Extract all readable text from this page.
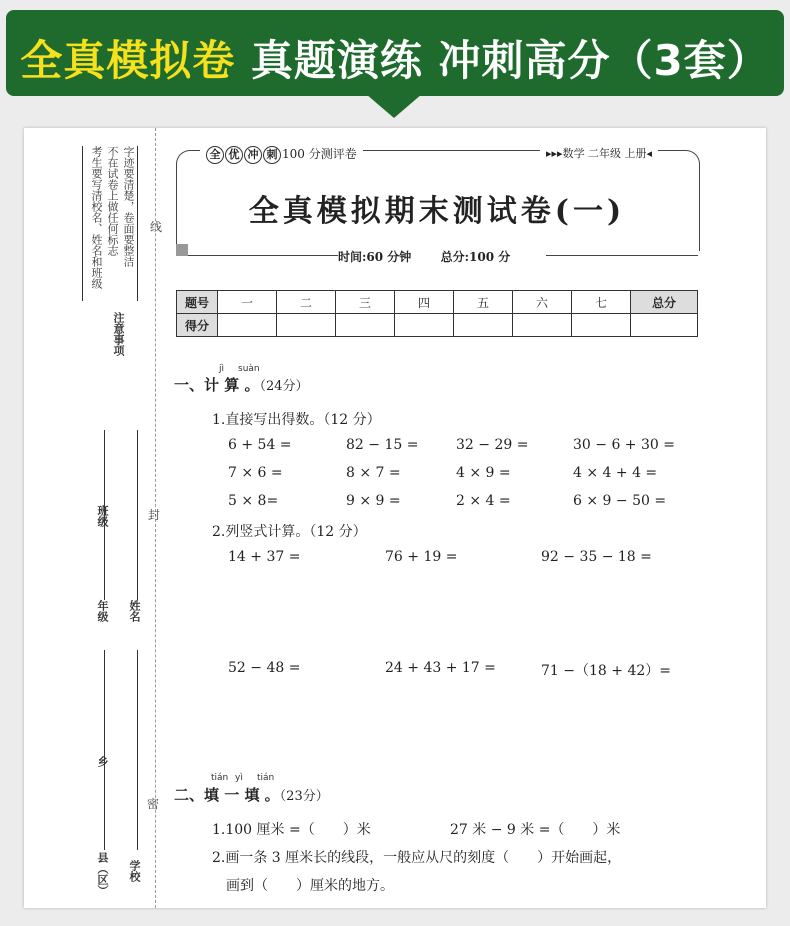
全真模拟卷 真题演练 冲刺高分（3套）
考生要写清校名、姓名和班级 不在试卷上做任何标志 字迹要清楚，卷面要整洁
注意事项
线
封
密
班级
年级 姓名
乡
县（区） 学校
全 优 冲 刺 100 分测评卷	▸▸▸数学 二年级 上册◂
全真模拟期末测试卷(一)
时间:60 分钟 总分:100 分
题号	一	二	三	四	五	六	七	总分
得分								
jì suàn
一、计 算 。（24分）
1.直接写出得数。（12 分）
6 + 54 =	82 − 15 =	32 − 29 =	30 − 6 + 30 =
7 × 6 =	8 × 7 =	4 × 9 =	4 × 4 + 4 =
5 × 8=	9 × 9 =	2 × 4 =	6 × 9 − 50 =
2.列竖式计算。（12 分）
14 + 37 =	76 + 19 =	92 − 35 − 18 =
52 − 48 =	24 + 43 + 17 =	71 −（18 + 42）=
tián yì tián
二、填 一 填 。（23分）
1.100 厘米 =（　　）米	27 米 − 9 米 =（　　）米
2.画一条 3 厘米长的线段，一般应从尺的刻度（　　）开始画起，
画到（　　）厘米的地方。
